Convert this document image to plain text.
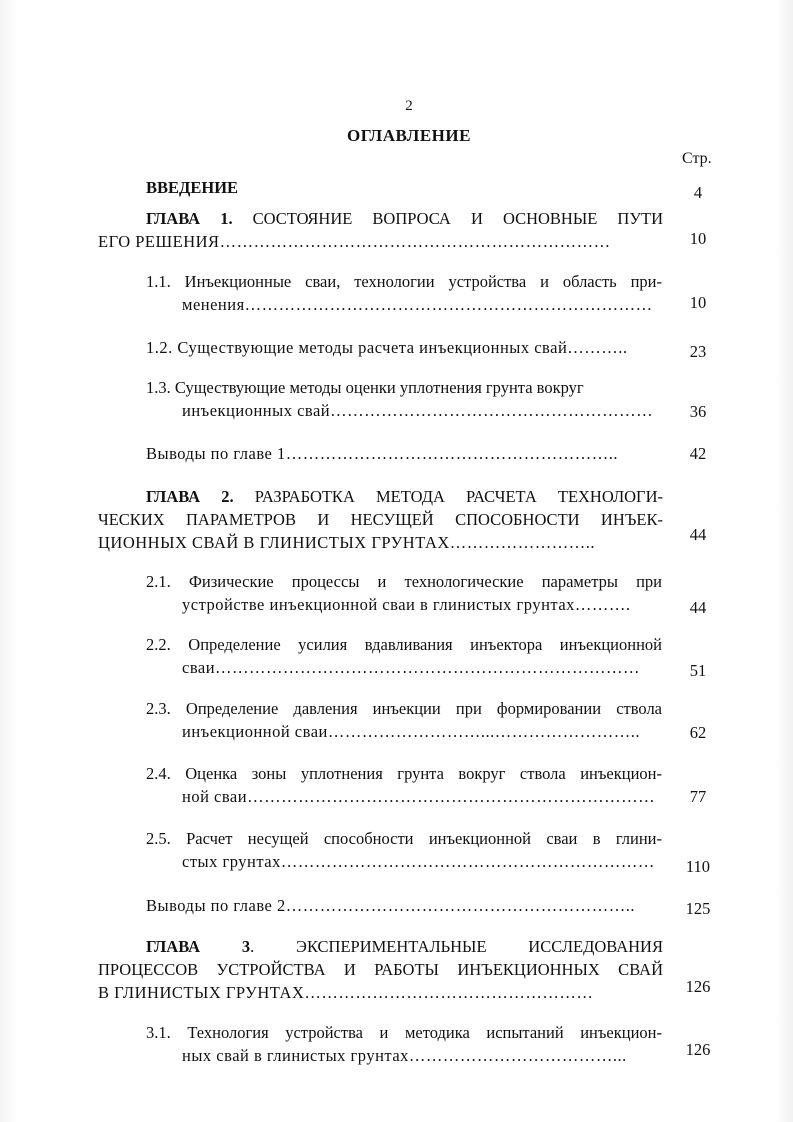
2
ОГЛАВЛЕНИЕ
Стр.
ВВЕДЕНИЕ	4
ГЛАВА 1. СОСТОЯНИЕ ВОПРОСА И ОСНОВНЫЕ ПУТИ
ЕГО РЕШЕНИЯ……………………………………………………………	10
1.1. Инъекционные сваи, технологии устройства и область при-
менения………………………………………………………………	10
1.2. Существующие методы расчета инъекционных свай………..	23
1.3. Существующие методы оценки уплотнения грунта вокруг
инъекционных свай…………………………………………………	36
Выводы по главе 1…………………………………………………..	42
ГЛАВА 2. РАЗРАБОТКА МЕТОДА РАСЧЕТА ТЕХНОЛОГИ-
ЧЕСКИХ ПАРАМЕТРОВ И НЕСУЩЕЙ СПОСОБНОСТИ ИНЪЕК-
ЦИОННЫХ СВАЙ В ГЛИНИСТЫХ ГРУНТАХ……………………..	44
2.1. Физические процессы и технологические параметры при
устройстве инъекционной сваи в глинистых грунтах……….	44
2.2. Определение усилия вдавливания инъектора инъекционной
сваи…………………………………………………………………	51
2.3. Определение давления инъекции при формировании ствола
инъекционной сваи………………………...……………………..	62
2.4. Оценка зоны уплотнения грунта вокруг ствола инъекцион-
ной сваи………………………………………………………………	77
2.5. Расчет несущей способности инъекционной сваи в глини-
стых грунтах…………………………………………………………	110
Выводы по главе 2……………………………………………………..	125
ГЛАВА 3. ЭКСПЕРИМЕНТАЛЬНЫЕ ИССЛЕДОВАНИЯ
ПРОЦЕССОВ УСТРОЙСТВА И РАБОТЫ ИНЪЕКЦИОННЫХ СВАЙ
В ГЛИНИСТЫХ ГРУНТАХ……………………………………………	126
3.1. Технология устройства и методика испытаний инъекцион-
ных свай в глинистых грунтах………………………………...	126
